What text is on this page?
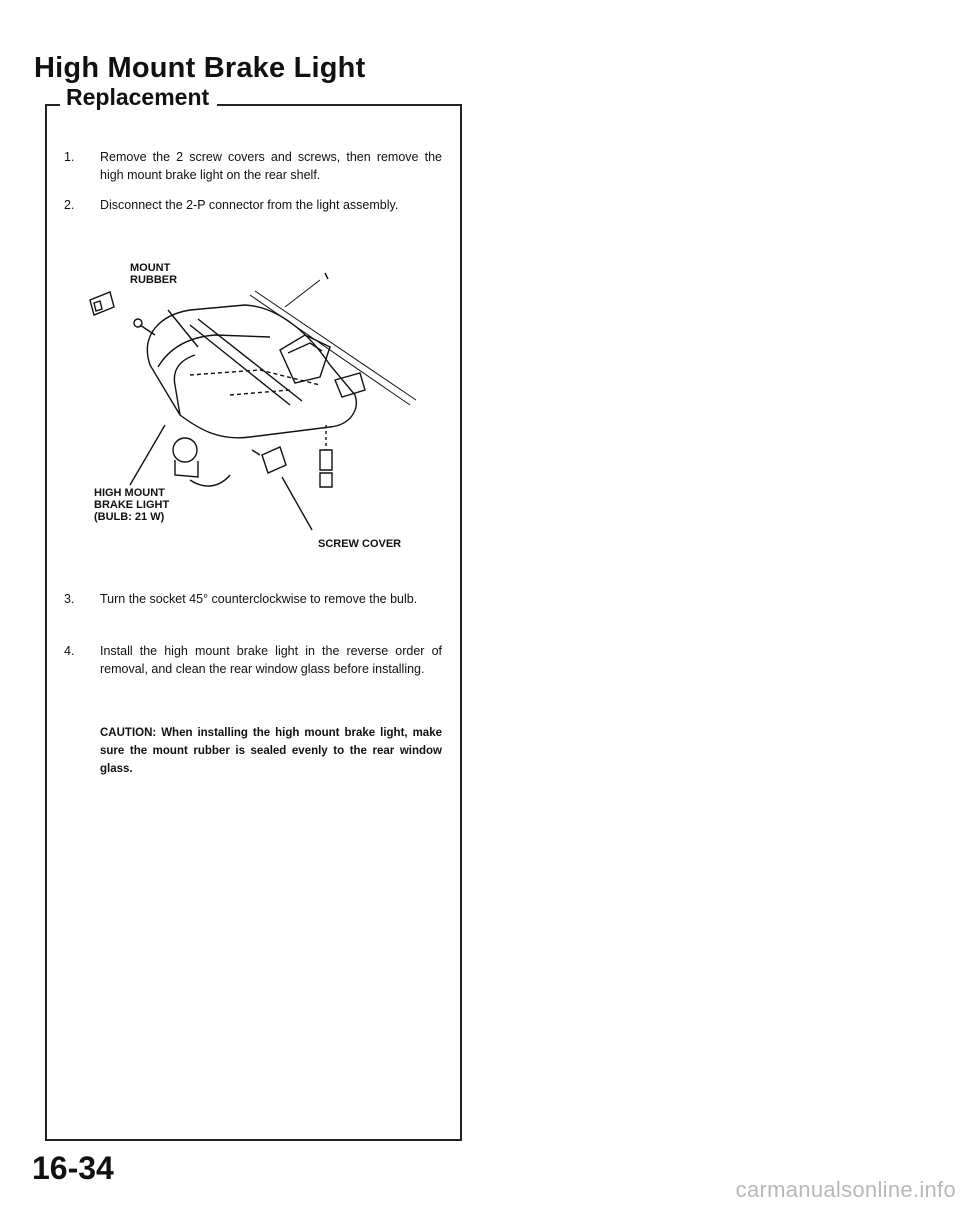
High Mount Brake Light
Replacement
1.	Remove the 2 screw covers and screws, then remove the high mount brake light on the rear shelf.
2.	Disconnect the 2-P connector from the light assembly.
MOUNT
RUBBER
HIGH MOUNT
BRAKE LIGHT
(BULB: 21 W)
SCREW COVER
3.	Turn the socket 45° counterclockwise to remove the bulb.
4.	Install the high mount brake light in the reverse order of removal, and clean the rear window glass before installing.

CAUTION: When installing the high mount brake light, make sure the mount rubber is sealed evenly to the rear window glass.

16-34

carmanualsonline.info
